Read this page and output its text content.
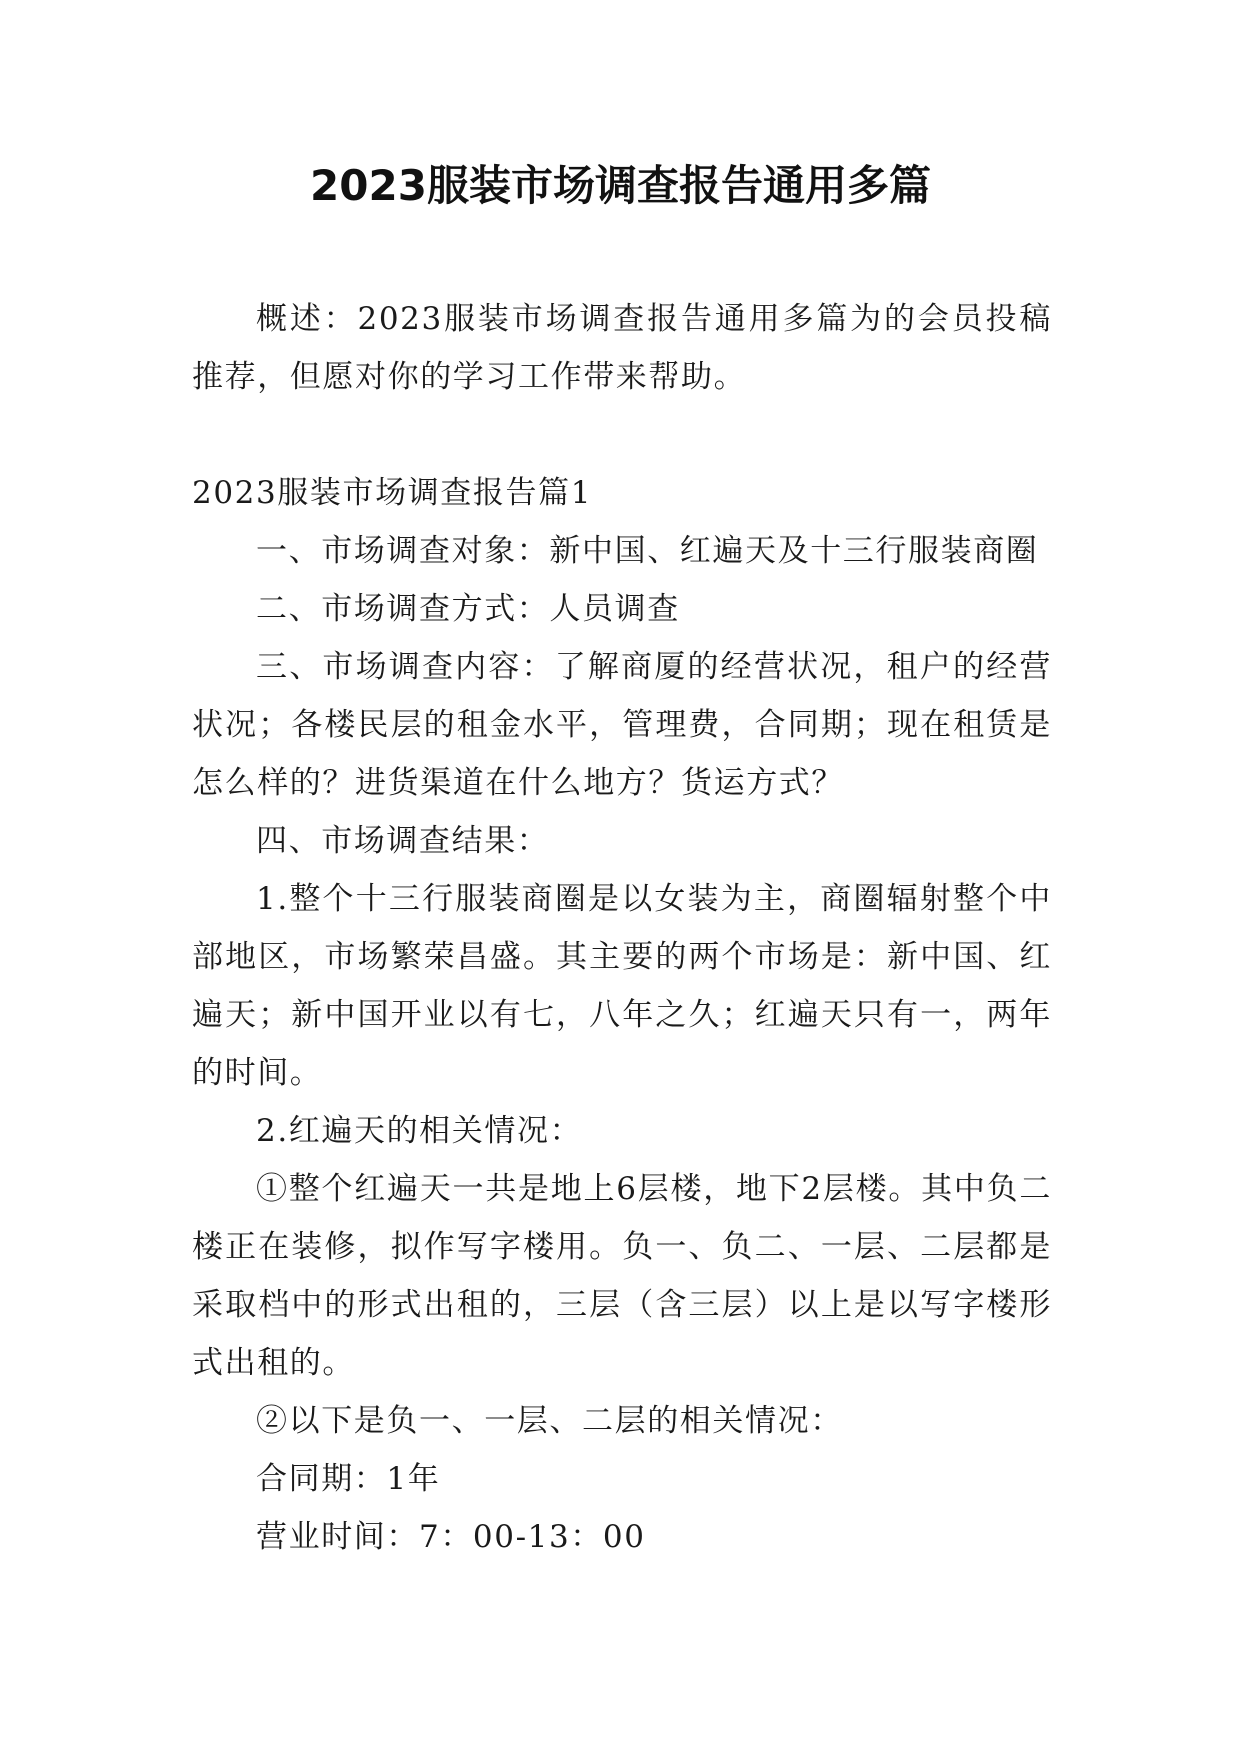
2023服装市场调查报告通用多篇

概述：2023服装市场调查报告通用多篇为的会员投稿推荐，但愿对你的学习工作带来帮助。

2023服装市场调查报告篇1

一、市场调查对象：新中国、红遍天及十三行服装商圈

二、市场调查方式：人员调查

三、市场调查内容：了解商厦的经营状况，租户的经营状况；各楼民层的租金水平，管理费，合同期；现在租赁是怎么样的？进货渠道在什么地方？货运方式？

四、市场调查结果：

1.整个十三行服装商圈是以女装为主，商圈辐射整个中部地区，市场繁荣昌盛。其主要的两个市场是：新中国、红遍天；新中国开业以有七，八年之久；红遍天只有一，两年的时间。

2.红遍天的相关情况：

①整个红遍天一共是地上6层楼，地下2层楼。其中负二楼正在装修，拟作写字楼用。负一、负二、一层、二层都是采取档中的形式出租的，三层（含三层）以上是以写字楼形式出租的。

②以下是负一、一层、二层的相关情况：

合同期：1年

营业时间：7：00-13：00
